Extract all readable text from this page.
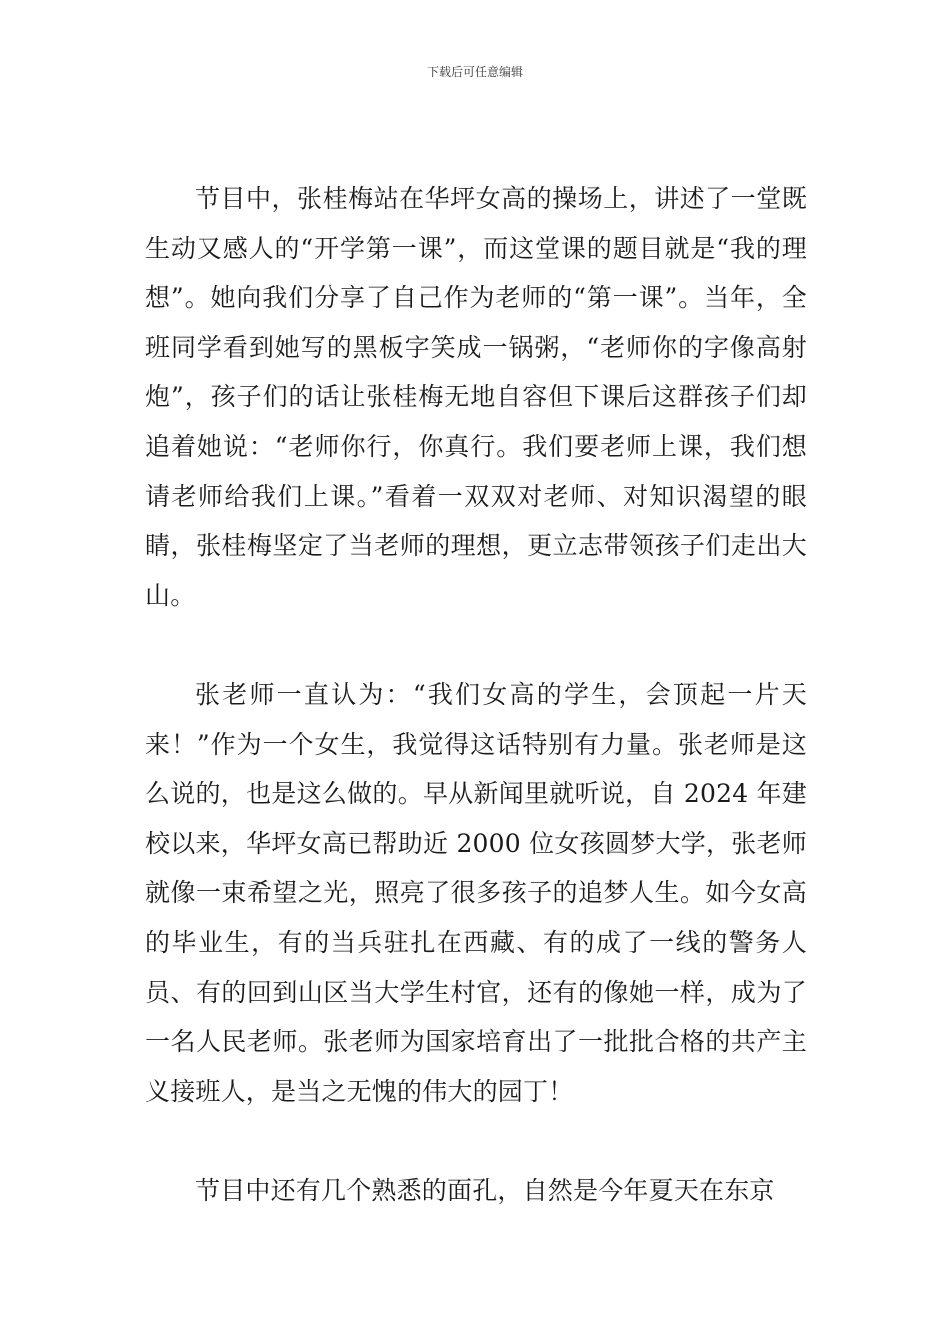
下载后可任意编辑

节目中，张桂梅站在华坪女高的操场上，讲述了一堂既生动又感人的“开学第一课”，而这堂课的题目就是“我的理想”。她向我们分享了自己作为老师的“第一课”。当年，全班同学看到她写的黑板字笑成一锅粥，“老师你的字像高射炮”，孩子们的话让张桂梅无地自容但下课后这群孩子们却追着她说：“老师你行，你真行。我们要老师上课，我们想请老师给我们上课。”看着一双双对老师、对知识渴望的眼睛，张桂梅坚定了当老师的理想，更立志带领孩子们走出大山。

张老师一直认为：“我们女高的学生，会顶起一片天来！”作为一个女生，我觉得这话特别有力量。张老师是这么说的，也是这么做的。早从新闻里就听说，自 2024 年建校以来，华坪女高已帮助近 2000 位女孩圆梦大学，张老师就像一束希望之光，照亮了很多孩子的追梦人生。如今女高的毕业生，有的当兵驻扎在西藏、有的成了一线的警务人员、有的回到山区当大学生村官，还有的像她一样，成为了一名人民老师。张老师为国家培育出了一批批合格的共产主义接班人，是当之无愧的伟大的园丁！

节目中还有几个熟悉的面孔，自然是今年夏天在东京
